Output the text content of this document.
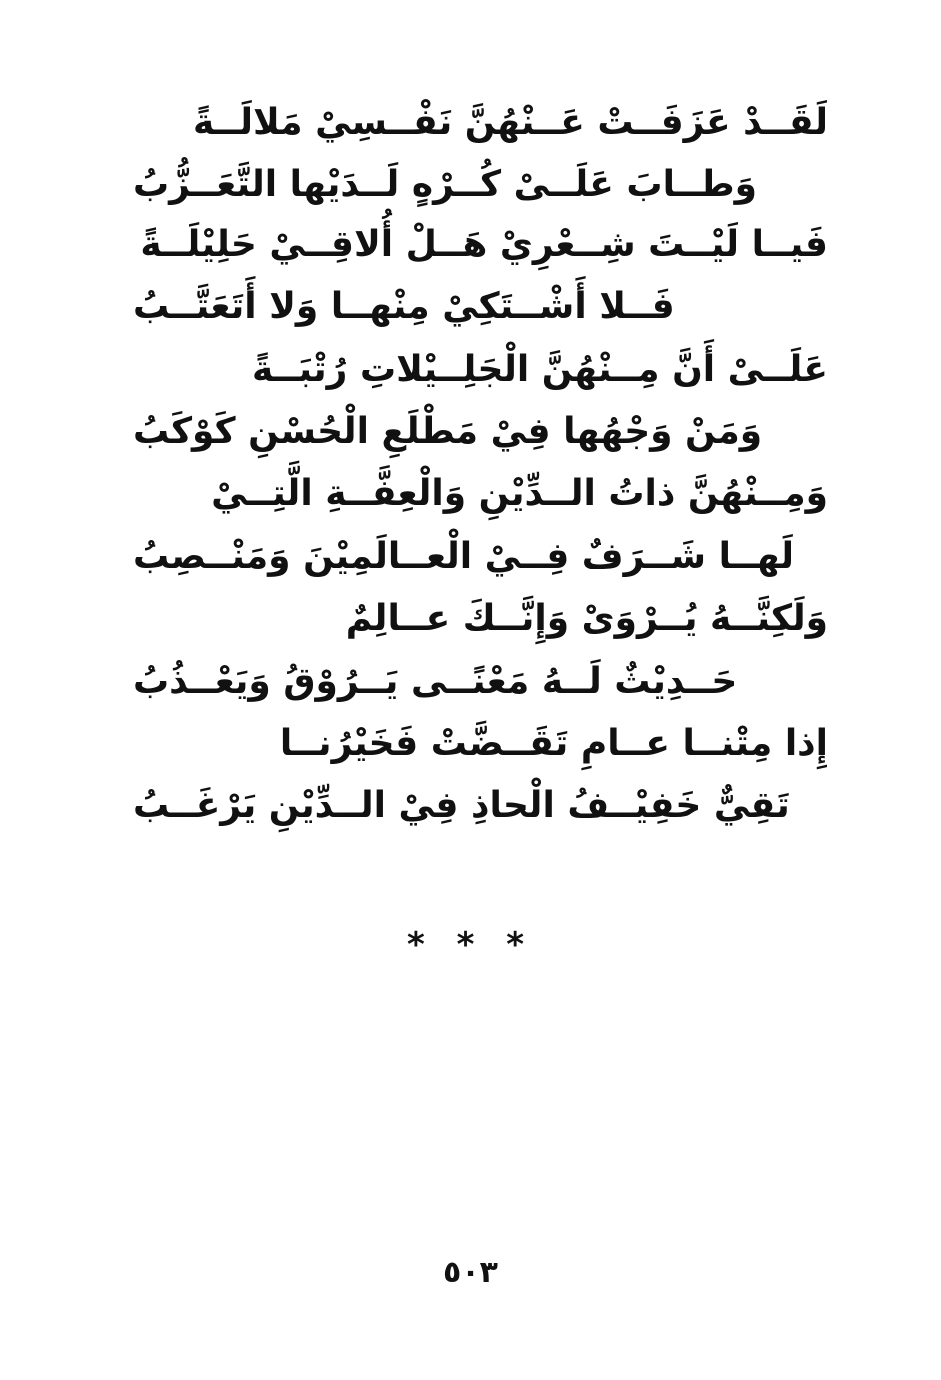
لَقَــدْ عَزَفَــتْ عَــنْهُنَّ نَفْــسِيْ مَلالَــةً
وَطــابَ عَلَــىْ كُــرْهٍ لَــدَيْها التَّعَــزُّبُ
فَيــا لَيْــتَ شِــعْرِيْ هَــلْ أُلاقِــيْ حَلِيْلَــةً
فَــلا أَشْــتَكِيْ مِنْهــا وَلا أَتَعَتَّــبُ
عَلَــىْ أَنَّ مِــنْهُنَّ الْجَلِــيْلاتِ رُتْبَــةً
وَمَنْ وَجْهُها فِيْ مَطْلَعِ الْحُسْنِ كَوْكَبُ
وَمِــنْهُنَّ ذاتُ الــدِّيْنِ وَالْعِفَّــةِ الَّتِــيْ
لَهــا شَــرَفٌ فِــيْ الْعــالَمِيْنَ وَمَنْــصِبُ
وَلَكِنَّــهُ يُــرْوَىْ وَإِنَّــكَ عــالِمٌ
حَــدِيْثٌ لَــهُ مَعْنًــى يَــرُوْقُ وَيَعْــذُبُ
إِذا مِتْنــا عــامِ تَقَــضَّتْ فَخَيْرُنــا
تَقِيٌّ خَفِيْــفُ الْحاذِ فِيْ الــدِّيْنِ يَرْغَــبُ
* * *
٥٠٣
